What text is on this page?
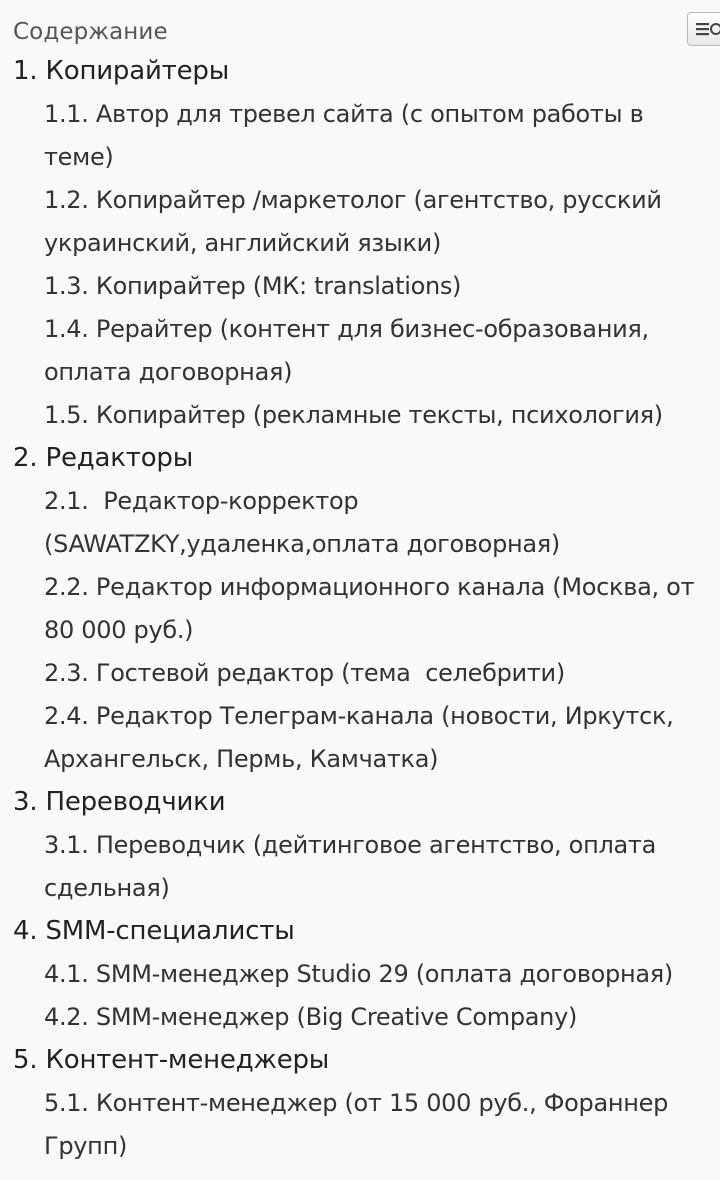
Содержание
1. Копирайтеры
1.1. Автор для тревел сайта (с опытом работы в теме)
1.2. Копирайтер /маркетолог (агентство, русский украинский, английский языки)
1.3. Копирайтер (МК: translations)
1.4. Рерайтер (контент для бизнес-образования, оплата договорная)
1.5. Копирайтер (рекламные тексты, психология)
2. Редакторы
2.1.  Редактор-корректор (SAWATZKY,удаленка,оплата договорная)
2.2. Редактор информационного канала (Москва, от 80 000 руб.)
2.3. Гостевой редактор (тема  селебрити)
2.4. Редактор Телеграм-канала (новости, Иркутск, Архангельск, Пермь, Камчатка)
3. Переводчики
3.1. Переводчик (дейтинговое агентство, оплата сдельная)
4. SMM-специалисты
4.1. SMM-менеджер Studio 29 (оплата договорная)
4.2. SMM-менеджер (Big Creative Company)
5. Контент-менеджеры
5.1. Контент-менеджер (от 15 000 руб., Форaннер Групп)
